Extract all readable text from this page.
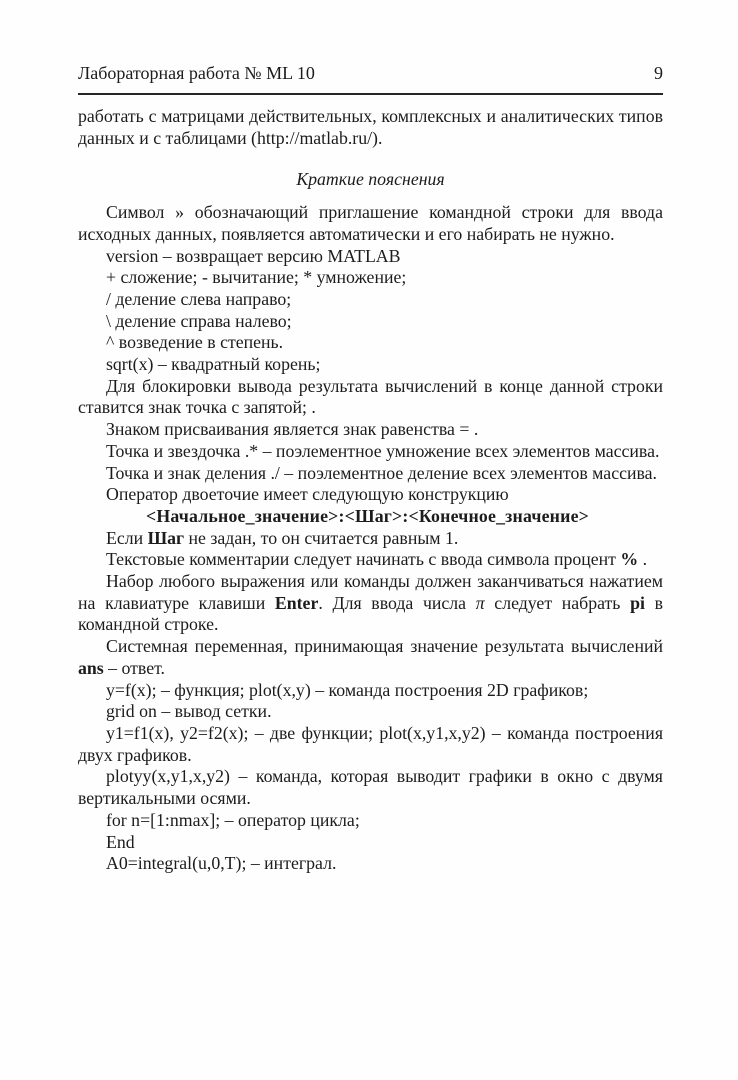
Лабораторная работа № ML 10	9

работать с матрицами действительных, комплексных и аналитических типов данных и с таблицами (http://matlab.ru/).

Краткие пояснения

Символ » обозначающий приглашение командной строки для ввода исходных данных, появляется автоматически и его набирать не нужно.

version – возвращает версию MATLAB

+ сложение; - вычитание; * умножение;

/ деление слева направо;

\ деление справа налево;

^ возведение в степень.

sqrt(x) – квадратный корень;

Для блокировки вывода результата вычислений в конце данной строки ставится знак точка с запятой; .

Знаком присваивания является знак равенства = .

Точка и звездочка .* – поэлементное умножение всех элементов массива.

Точка и знак деления ./ – поэлементное деление всех элементов массива.

Оператор двоеточие имеет следующую конструкцию

<Начальное_значение>:<Шаг>:<Конечное_значение>

Если Шаг не задан, то он считается равным 1.

Текстовые комментарии следует начинать с ввода символа процент % .

Набор любого выражения или команды должен заканчиваться нажатием на клавиатуре клавиши Enter. Для ввода числа π следует набрать pi в командной строке.

Системная переменная, принимающая значение результата вычислений ans – ответ.

y=f(x); – функция; plot(x,y) – команда построения 2D графиков;

grid on – вывод сетки.

y1=f1(x), y2=f2(x); – две функции; plot(x,y1,x,y2) – команда построения двух графиков.

plotyy(x,y1,x,y2) – команда, которая выводит графики в окно с двумя вертикальными осями.

for n=[1:nmax]; – оператор цикла;

End

A0=integral(u,0,T); – интеграл.
